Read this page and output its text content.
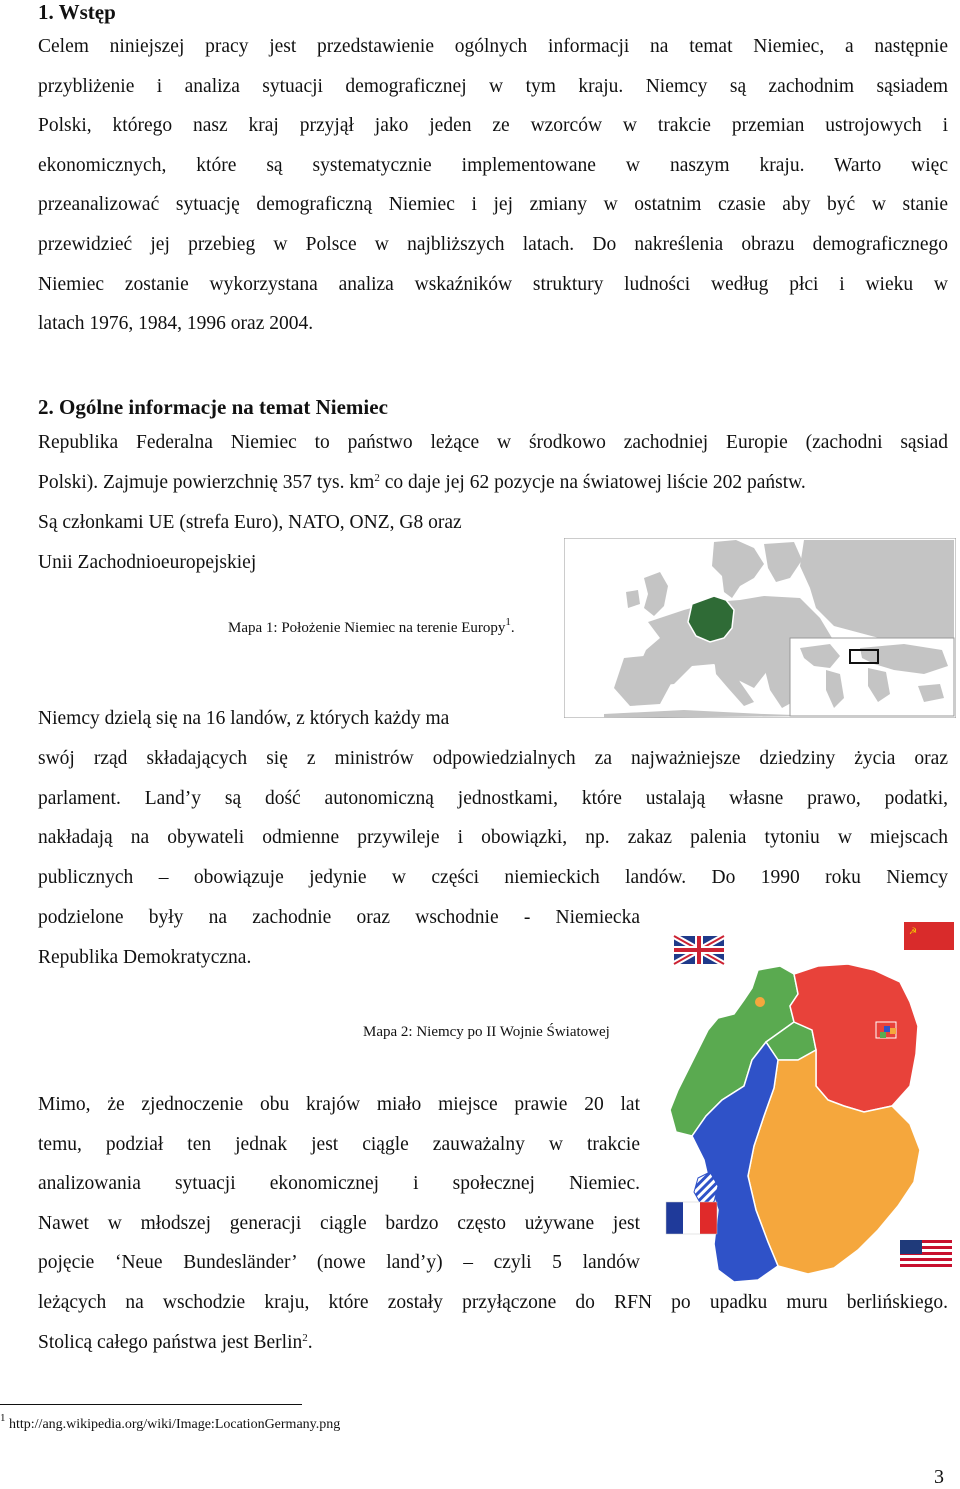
1. Wstęp
Celem niniejszej pracy jest przedstawienie ogólnych informacji na temat Niemiec, a następnie
przybliżenie i analiza sytuacji demograficznej w tym kraju. Niemcy są zachodnim sąsiadem
Polski, którego nasz kraj przyjął jako jeden ze wzorców w trakcie przemian ustrojowych i
ekonomicznych, które są systematycznie implementowane w naszym kraju. Warto więc
przeanalizować sytuację demograficzną Niemiec i jej zmiany w ostatnim czasie aby być w stanie
przewidzieć jej przebieg w Polsce w najbliższych latach. Do nakreślenia obrazu demograficznego
Niemiec zostanie wykorzystana analiza wskaźników struktury ludności według płci i wieku w
latach 1976, 1984, 1996 oraz 2004.
2. Ogólne informacje na temat Niemiec
Republika Federalna Niemiec to państwo leżące w środkowo zachodniej Europie (zachodni sąsiad
Polski). Zajmuje powierzchnię 357 tys. $km^2$ co daje jej 62 pozycje na światowej liście 202 państw.
Są członkami UE (strefa Euro), NATO, ONZ, G8 oraz
Unii Zachodnioeuropejskiej
Mapa 1: Położenie Niemiec na terenie Europy$^1$.
Niemcy dzielą się na 16 landów, z których każdy ma
swój rząd składających się z ministrów odpowiedzialnych za najważniejsze dziedziny życia oraz
parlament. Land’y są dość autonomiczną jednostkami, które ustalają własne prawo, podatki,
nakładają na obywateli odmienne przywileje i obowiązki, np. zakaz palenia tytoniu w miejscach
publicznych – obowiązuje jedynie w części niemieckich landów. Do 1990 roku Niemcy
podzielone były na zachodnie oraz wschodnie - Niemiecka
Republika Demokratyczna.
Mapa 2: Niemcy po II Wojnie Światowej
☭
Mimo, że zjednoczenie obu krajów miało miejsce prawie 20 lat
temu, podział ten jednak jest ciągle zauważalny w trakcie
analizowania sytuacji ekonomicznej i społecznej Niemiec.
Nawet w młodszej generacji ciągle bardzo często używane jest
pojęcie ‘Neue Bundesländer’ (nowe land’y) – czyli 5 landów
leżących na wschodzie kraju, które zostały przyłączone do RFN po upadku muru berlińskiego.
Stolicą całego państwa jest Berlin$^2$.
$^1$ http://ang.wikipedia.org/wiki/Image:LocationGermany.png
3
